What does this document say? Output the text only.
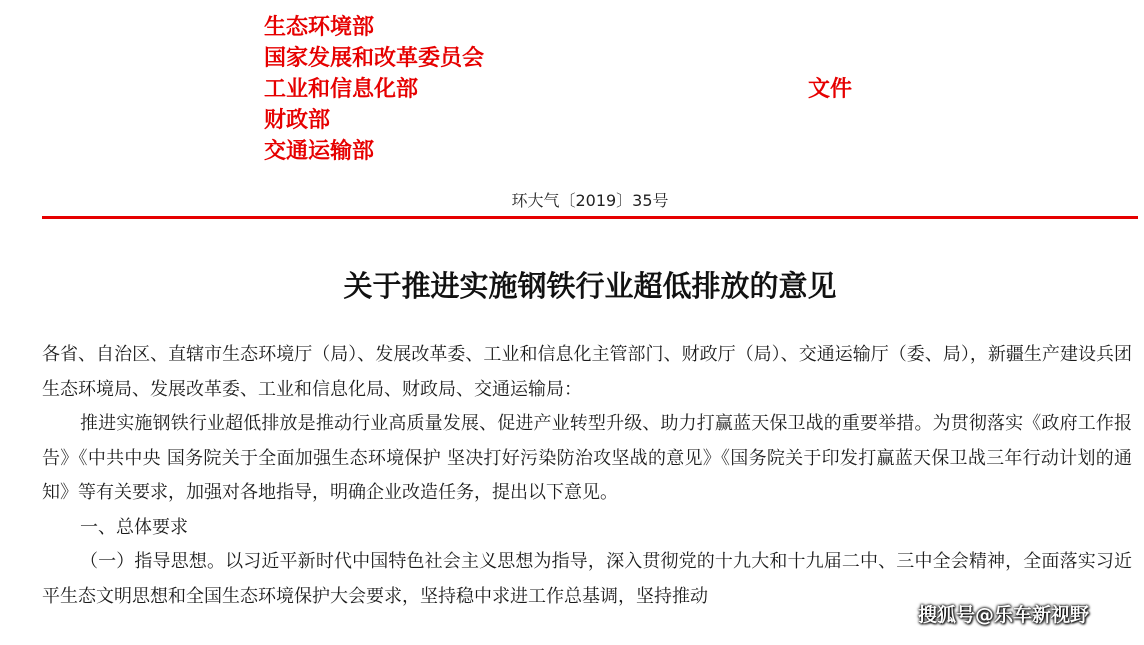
生态环境部
国家发展和改革委员会
工业和信息化部
财政部
交通运输部
文件
环大气〔2019〕35号
关于推进实施钢铁行业超低排放的意见

各省、自治区、直辖市生态环境厅（局）、发展改革委、工业和信息化主管部门、财政厅（局）、交通运输厅（委、局），新疆生产建设兵团生态环境局、发展改革委、工业和信息化局、财政局、交通运输局：

推进实施钢铁行业超低排放是推动行业高质量发展、促进产业转型升级、助力打赢蓝天保卫战的重要举措。为贯彻落实《政府工作报告》《中共中央 国务院关于全面加强生态环境保护 坚决打好污染防治攻坚战的意见》《国务院关于印发打赢蓝天保卫战三年行动计划的通知》等有关要求，加强对各地指导，明确企业改造任务，提出以下意见。

一、总体要求

（一）指导思想。以习近平新时代中国特色社会主义思想为指导，深入贯彻党的十九大和十九届二中、三中全会精神，全面落实习近平生态文明思想和全国生态环境保护大会要求，坚持稳中求进工作总基调，坚持推动

搜狐号@乐车新视野
